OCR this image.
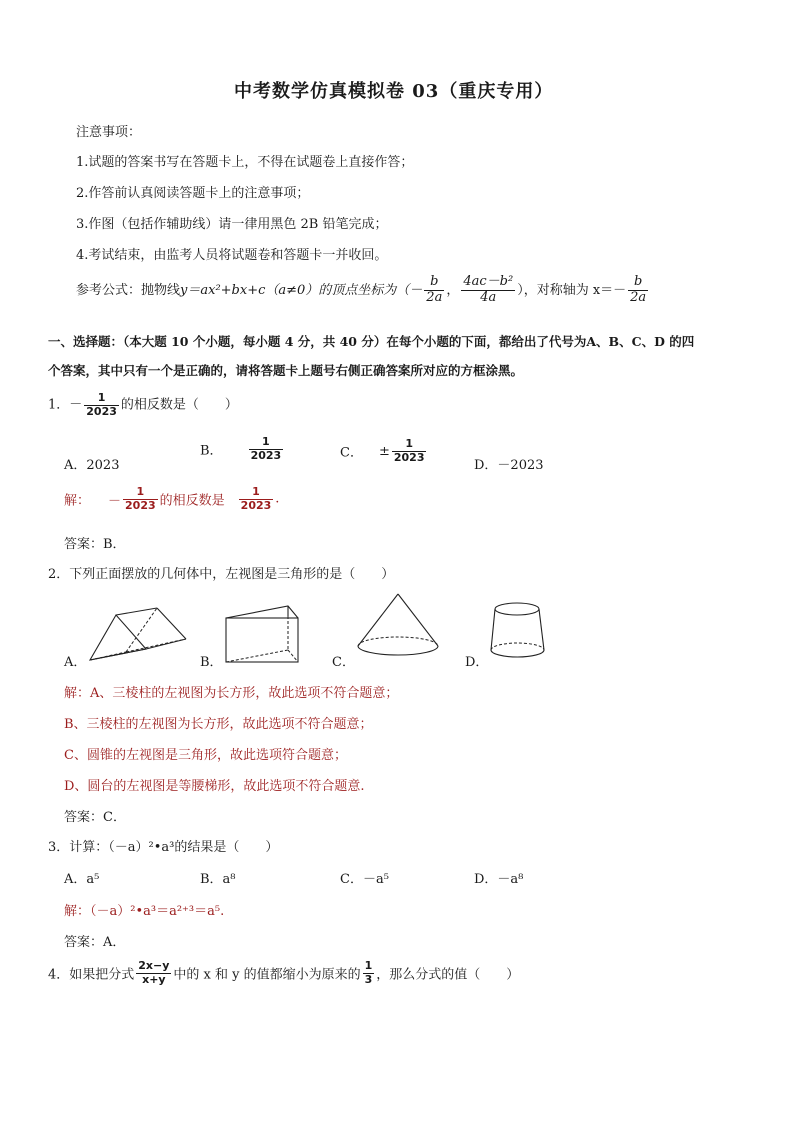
中考数学仿真模拟卷 03（重庆专用）
注意事项：
1.试题的答案书写在答题卡上，不得在试题卷上直接作答；
2.作答前认真阅读答题卡上的注意事项；
3.作图（包括作辅助线）请一律用黑色 2B 铅笔完成；
4.考试结束，由监考人员将试题卷和答题卡一并收回。
参考公式：抛物线y＝ax²+bx+c（a≠0）的顶点坐标为（－ $\frac{b}{2a}$ ， $\frac{\text{4ac－b²}}{4a}$ ），对称轴为 $x=- \frac{b}{2a}$
一、选择题：（本大题 10 个小题，每小题 4 分，共 40 分）在每个小题的下面，都给出了代号为A、B、C、D 的四
个答案，其中只有一个是正确的，请将答题卡上题号右侧正确答案所对应的方框涂黑。
1．－ $\frac{1}{2023}$ 的相反数是（　　）
A．2023
B． $\frac{1}{2023}$	C． ± $\frac{1}{2023}$
D．－2023
解： － $\frac{1}{2023}$ 的相反数是 $\frac{1}{2023}$ .
答案：B．
2．下列正面摆放的几何体中，左视图是三角形的是（　　）
A．	B．	C．	D．
解：A、三棱柱的左视图为长方形，故此选项不符合题意；
B、三棱柱的左视图为长方形，故此选项不符合题意；
C、圆锥的左视图是三角形，故此选项符合题意；
D、圆台的左视图是等腰梯形，故此选项不符合题意.
答案：C．
3．计算：（－a）²•a³的结果是（　　）
A．a⁵	B．a⁸	C．－a⁵	D．－a⁸
解：（－a）²•a³＝a²⁺³＝a⁵.
答案：A．
4．如果把分式 $\frac{2x-y}{x+y}$ 中的 x 和 y 的值都缩小为原来的 $\frac{1}{3}$ ，那么分式的值（　　）
